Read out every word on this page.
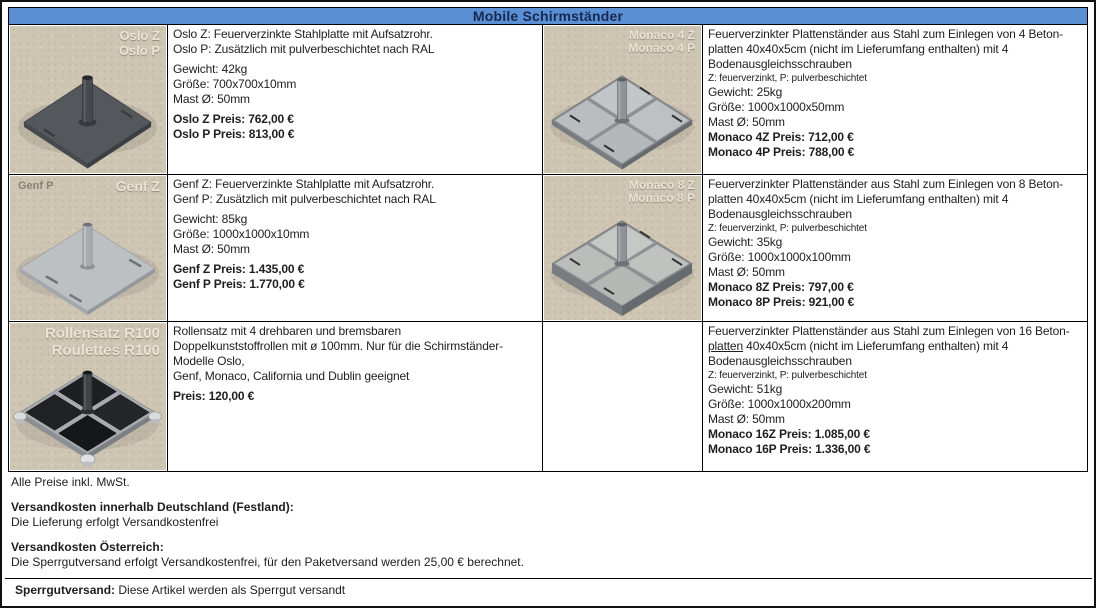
Mobile Schirmständer
Oslo Z
Oslo P
Oslo Z: Feuerverzinkte Stahlplatte mit Aufsatzrohr.
Oslo P: Zusätzlich mit pulverbeschichtet nach RAL
Gewicht: 42kg
Größe: 700x700x10mm
Mast Ø: 50mm
Oslo Z Preis: 762,00 €
Oslo P Preis: 813,00 €
Monaco 4 Z
Monaco 4 P
Feuerverzinkter Plattenständer aus Stahl zum Einlegen von 4 Beton-
platten 40x40x5cm (nicht im Lieferumfang enthalten) mit 4
Bodenausgleichsschrauben
Z: feuerverzinkt, P: pulverbeschichtet
Gewicht: 25kg
Größe: 1000x1000x50mm
Mast Ø: 50mm
Monaco 4Z Preis: 712,00 €
Monaco 4P Preis: 788,00 €
Genf P	Genf Z Genf Z: Feuerverzinkte Stahlplatte mit Aufsatzrohr.
Genf P: Zusätzlich mit pulverbeschichtet nach RAL
Gewicht: 85kg
Größe: 1000x1000x10mm
Mast Ø: 50mm
Genf Z Preis: 1.435,00 €
Genf P Preis: 1.770,00 €
Monaco 8 Z
Monaco 8 P
Feuerverzinkter Plattenständer aus Stahl zum Einlegen von 8 Beton-
platten 40x40x5cm (nicht im Lieferumfang enthalten) mit 4
Bodenausgleichsschrauben
Z: feuerverzinkt, P: pulverbeschichtet
Gewicht: 35kg
Größe: 1000x1000x100mm
Mast Ø: 50mm
Monaco 8Z Preis: 797,00 €
Monaco 8P Preis: 921,00 €
Rollensatz R100
Roulettes R100
Rollensatz mit 4 drehbaren und bremsbaren
Doppelkunststoffrollen mit ø 100mm. Nur für die Schirmständer-
Modelle Oslo,
Genf, Monaco, California und Dublin geeignet
Preis: 120,00 €
Feuerverzinkter Plattenständer aus Stahl zum Einlegen von 16 Beton-
platten 40x40x5cm (nicht im Lieferumfang enthalten) mit 4
Bodenausgleichsschrauben
Z: feuerverzinkt, P: pulverbeschichtet
Gewicht: 51kg
Größe: 1000x1000x200mm
Mast Ø: 50mm
Monaco 16Z Preis: 1.085,00 €
Monaco 16P Preis: 1.336,00 €
Alle Preise inkl. MwSt.
Versandkosten innerhalb Deutschland (Festland):
Die Lieferung erfolgt Versandkostenfrei
Versandkosten Österreich:
Die Sperrgutversand erfolgt Versandkostenfrei, für den Paketversand werden 25,00 € berechnet.
Sperrgutversand: Diese Artikel werden als Sperrgut versandt
